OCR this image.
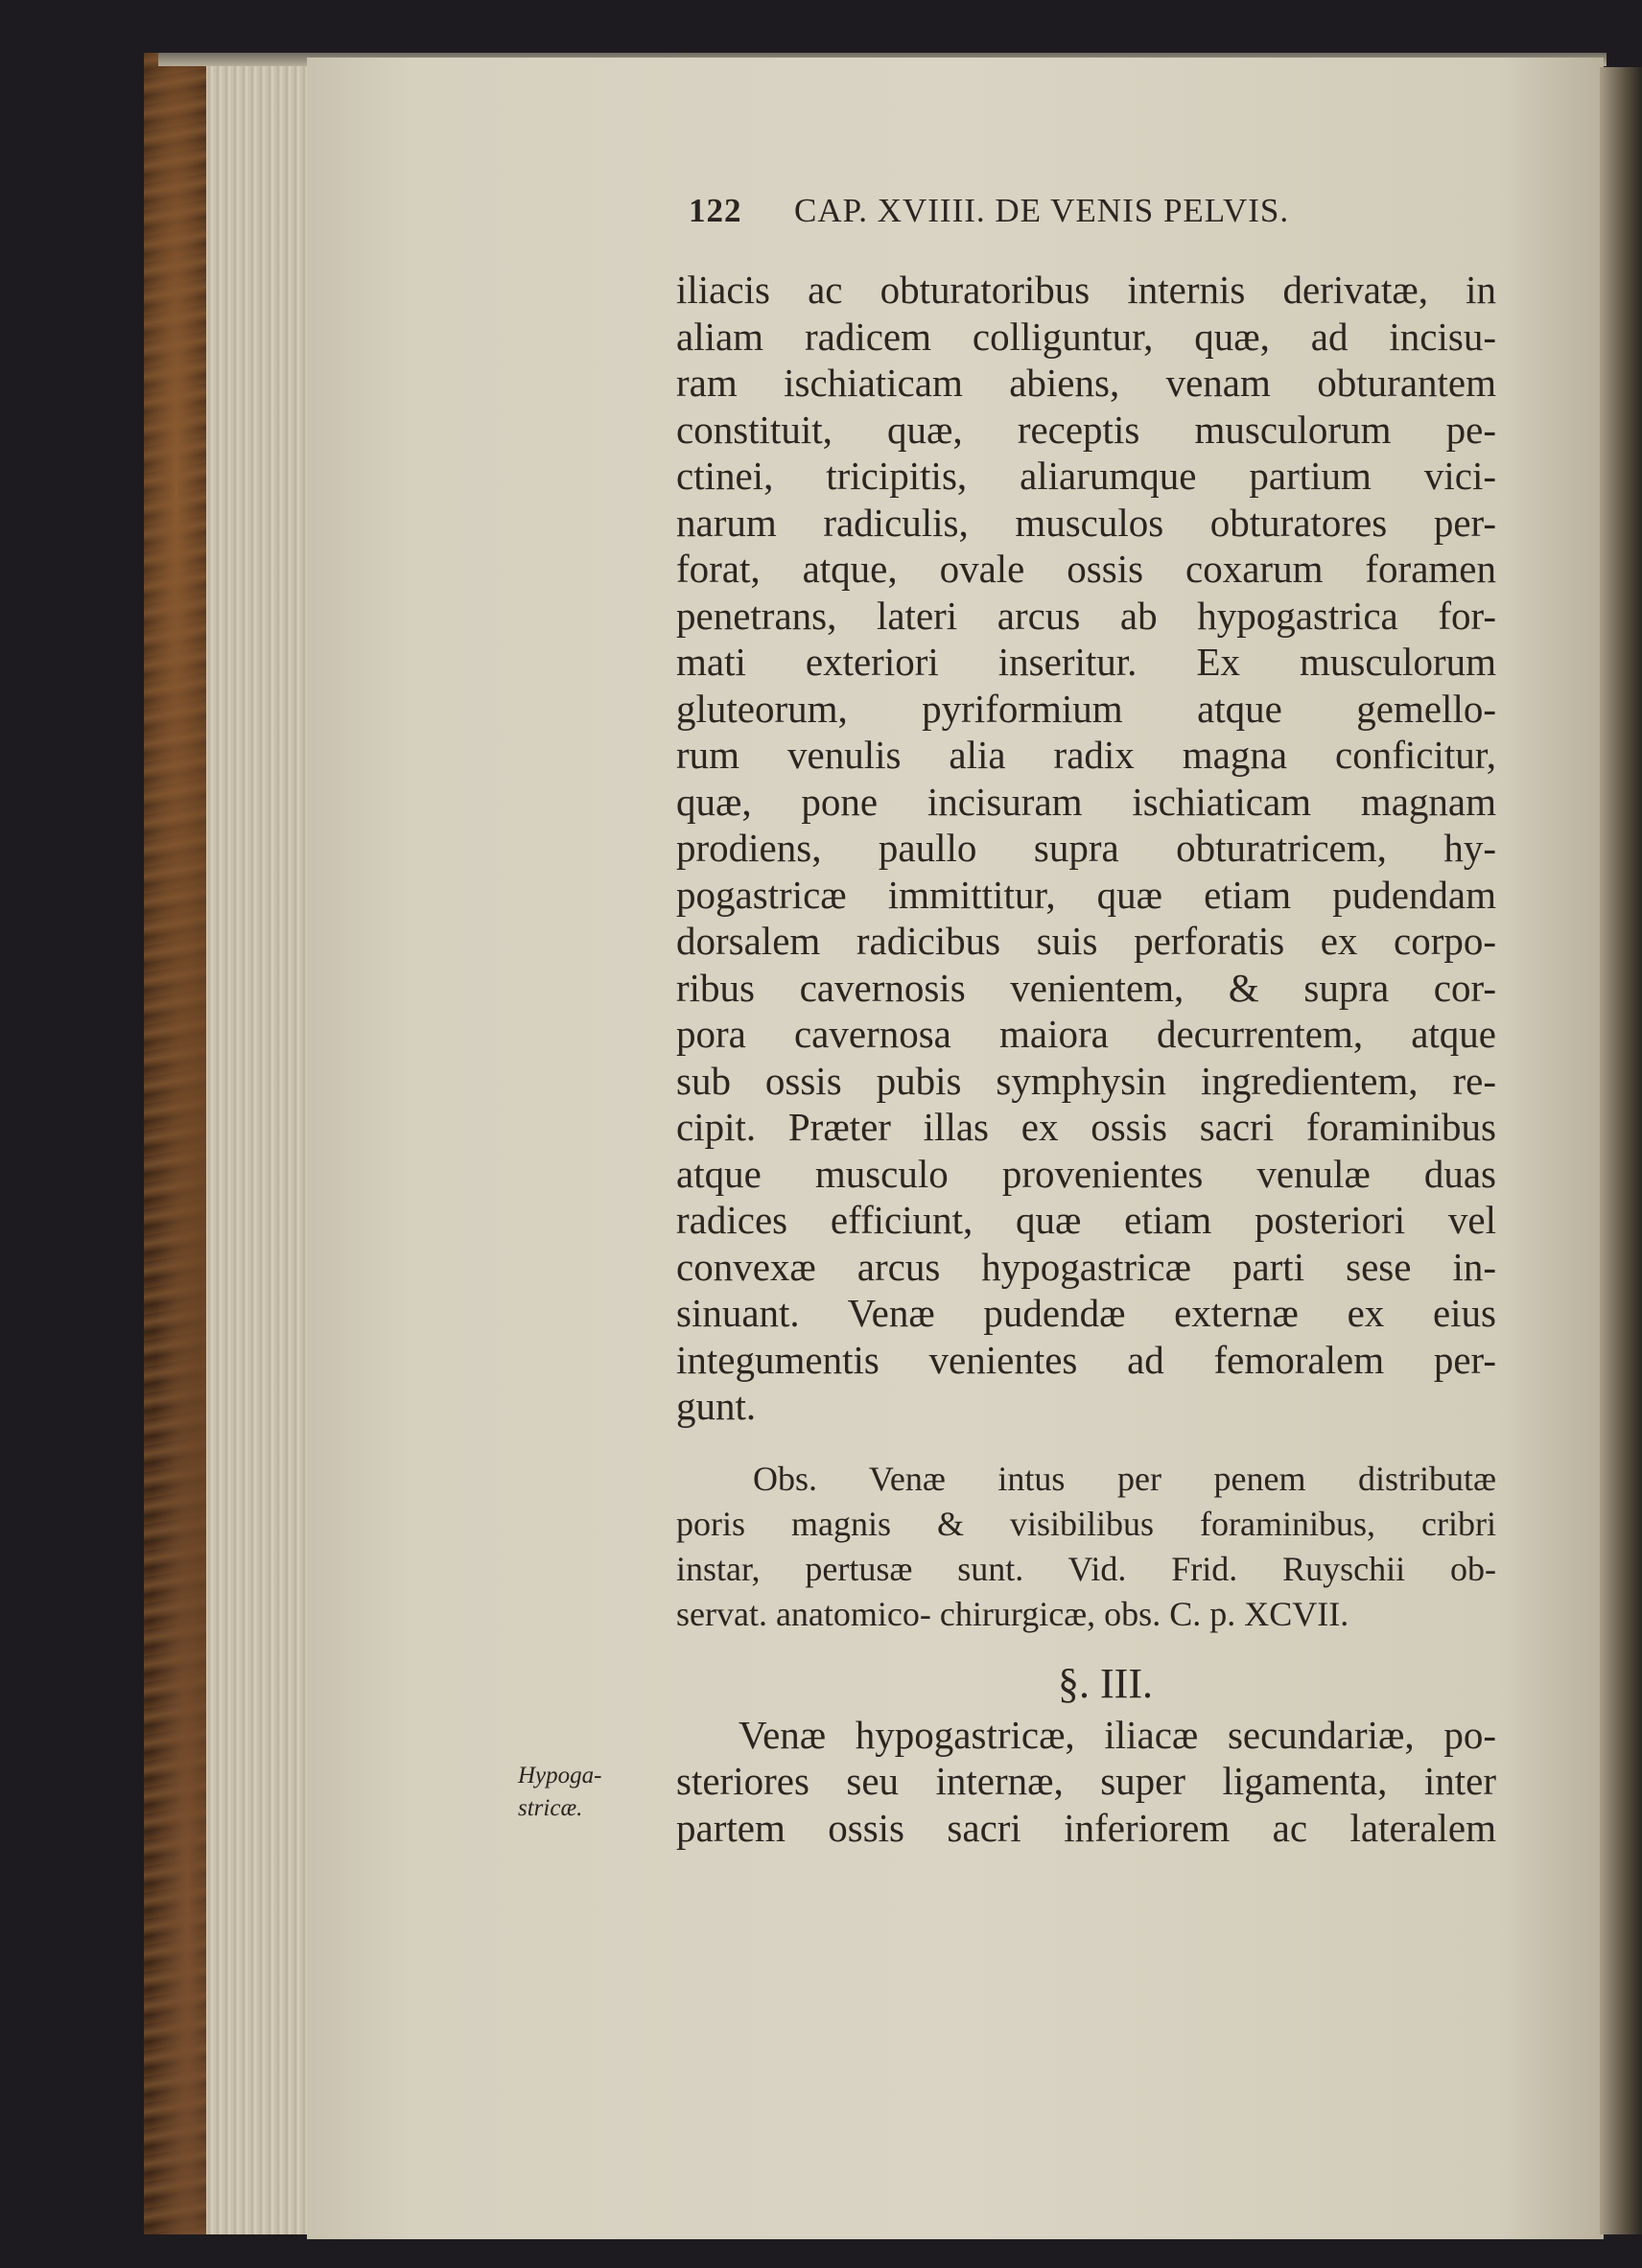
122	CAP. XVIIII. DE VENIS PELVIS.
iliacis ac obturatoribus internis derivatæ, in
aliam radicem colliguntur, quæ, ad incisu-
ram ischiaticam abiens, venam obturantem
constituit, quæ, receptis musculorum pe-
ctinei, tricipitis, aliarumque partium vici-
narum radiculis, musculos obturatores per-
forat, atque, ovale ossis coxarum foramen
penetrans, lateri arcus ab hypogastrica for-
mati exteriori inseritur. Ex musculorum
gluteorum, pyriformium atque gemello-
rum venulis alia radix magna conficitur,
quæ, pone incisuram ischiaticam magnam
prodiens, paullo supra obturatricem, hy-
pogastricæ immittitur, quæ etiam pudendam
dorsalem radicibus suis perforatis ex corpo-
ribus cavernosis venientem, & supra cor-
pora cavernosa maiora decurrentem, atque
sub ossis pubis symphysin ingredientem, re-
cipit. Præter illas ex ossis sacri foraminibus
atque musculo provenientes venulæ duas
radices efficiunt, quæ etiam posteriori vel
convexæ arcus hypogastricæ parti sese in-
sinuant. Venæ pudendæ externæ ex eius
integumentis venientes ad femoralem per-
gunt.
Obs. Venæ intus per penem distributæ
poris magnis & visibilibus foraminibus, cribri
instar, pertusæ sunt. Vid. Frid. Ruyschii ob-
servat. anatomico- chirurgicæ, obs. C. p. XCVII.
§. III.
Venæ hypogastricæ, iliacæ secundariæ, po-
steriores seu internæ, super ligamenta, inter
partem ossis sacri inferiorem ac lateralem
Hypoga-
stricæ.
